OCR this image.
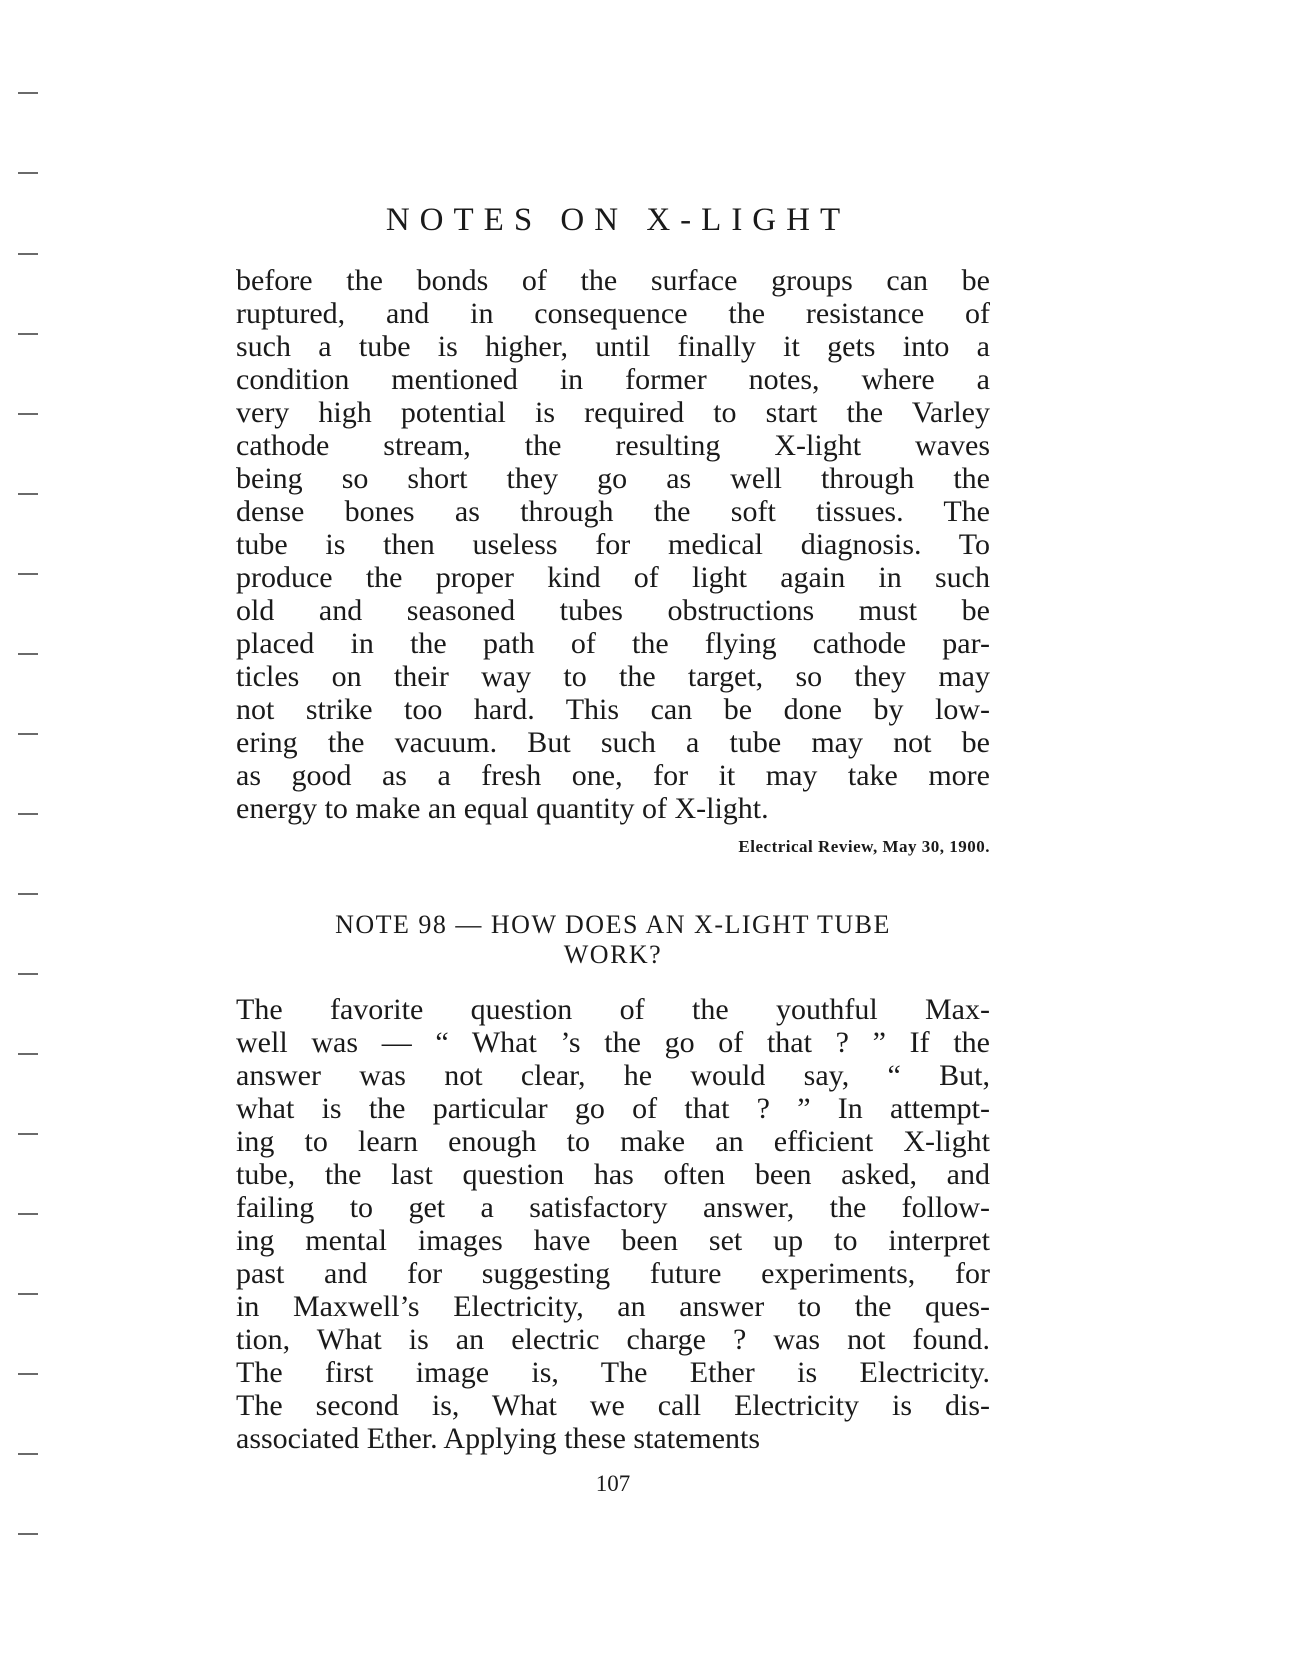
NOTES ON X-LIGHT
before the bonds of the surface groups can be
ruptured, and in consequence the resistance of
such a tube is higher, until finally it gets into a
condition mentioned in former notes, where a
very high potential is required to start the Varley
cathode stream, the resulting X-light waves
being so short they go as well through the
dense bones as through the soft tissues. The
tube is then useless for medical diagnosis. To
produce the proper kind of light again in such
old and seasoned tubes obstructions must be
placed in the path of the flying cathode par-
ticles on their way to the target, so they may
not strike too hard. This can be done by low-
ering the vacuum. But such a tube may not be
as good as a fresh one, for it may take more
energy to make an equal quantity of X-light.
Electrical Review, May 30, 1900.
NOTE 98 — HOW DOES AN X-LIGHT TUBE
WORK?
The favorite question of the youthful Max-
well was — “ What ’s the go of that ? ” If the
answer was not clear, he would say, “ But,
what is the particular go of that ? ” In attempt-
ing to learn enough to make an efficient X-light
tube, the last question has often been asked, and
failing to get a satisfactory answer, the follow-
ing mental images have been set up to interpret
past and for suggesting future experiments, for
in Maxwell’s Electricity, an answer to the ques-
tion, What is an electric charge ? was not found.
The first image is, The Ether is Electricity.
The second is, What we call Electricity is dis-
associated Ether. Applying these statements
107
